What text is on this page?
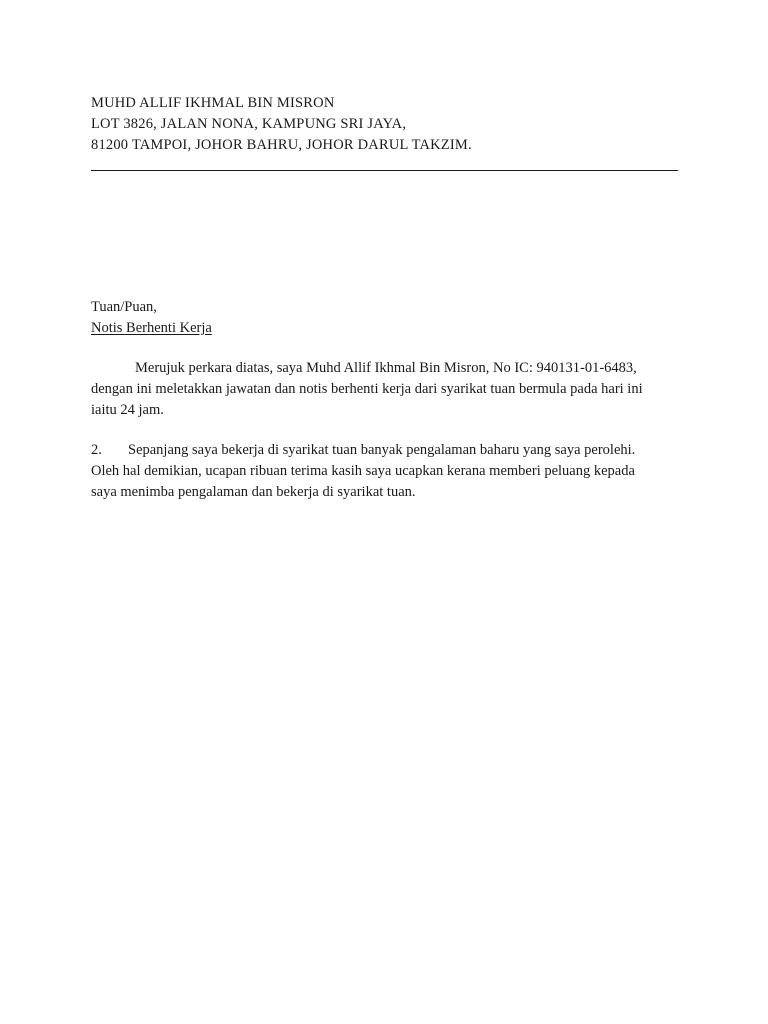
MUHD ALLIF IKHMAL BIN MISRON
LOT 3826, JALAN NONA, KAMPUNG SRI JAYA,
81200 TAMPOI, JOHOR BAHRU, JOHOR DARUL TAKZIM.
Tuan/Puan,
Notis Berhenti Kerja
Merujuk perkara diatas, saya Muhd Allif Ikhmal Bin Misron, No IC: 940131-01-6483,
dengan ini meletakkan jawatan dan notis berhenti kerja dari syarikat tuan bermula pada hari ini
iaitu 24 jam.
2. Sepanjang saya bekerja di syarikat tuan banyak pengalaman baharu yang saya perolehi.
Oleh hal demikian, ucapan ribuan terima kasih saya ucapkan kerana memberi peluang kepada
saya menimba pengalaman dan bekerja di syarikat tuan.
